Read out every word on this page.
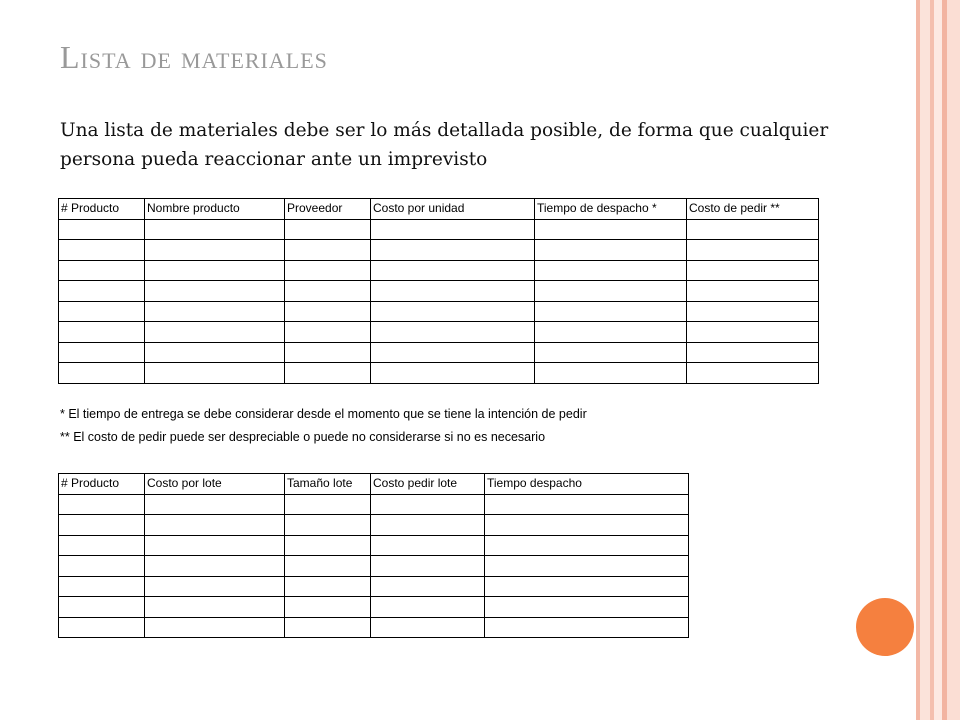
Lista de materiales

Una lista de materiales debe ser lo más detallada posible, de forma que cualquier persona pueda reaccionar ante un imprevisto

# Producto	Nombre producto	Proveedor	Costo por unidad	Tiempo de despacho *	Costo de pedir **

* El tiempo de entrega se debe considerar desde el momento que se tiene la intención de pedir

** El costo de pedir puede ser despreciable o puede no considerarse si no es necesario

# Producto	Costo por lote	Tamaño lote	Costo pedir lote	Tiempo despacho
